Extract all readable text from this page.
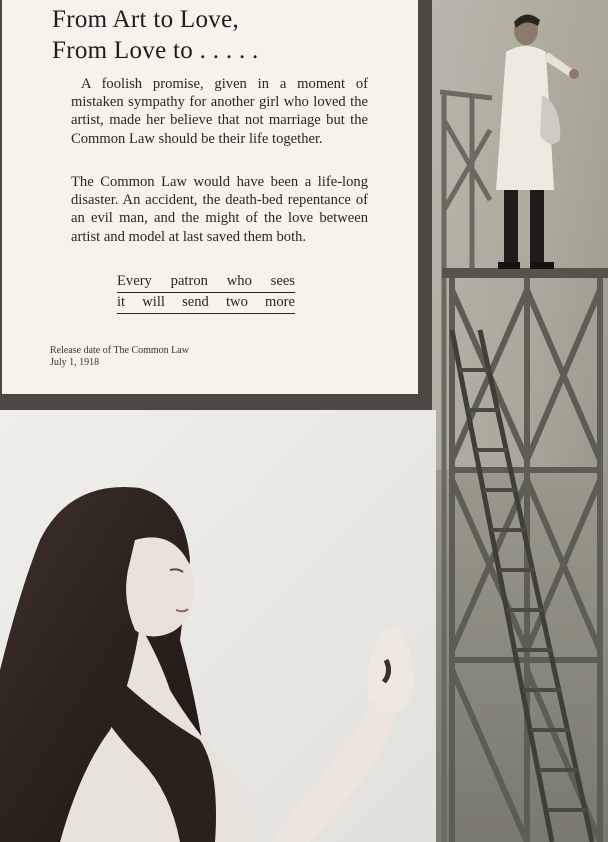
From Art to Love,
From Love to . . . . .

A foolish promise, given in a moment of mistaken sympathy for another girl who loved the artist, made her believe that not marriage but the Common Law should be their life together.

The Common Law would have been a life-long disaster. An accident, the death-bed repentance of an evil man, and the might of the love between artist and model at last saved them both.

Every patron who sees
it will send two more

Release date of The Common Law
July 1, 1918
